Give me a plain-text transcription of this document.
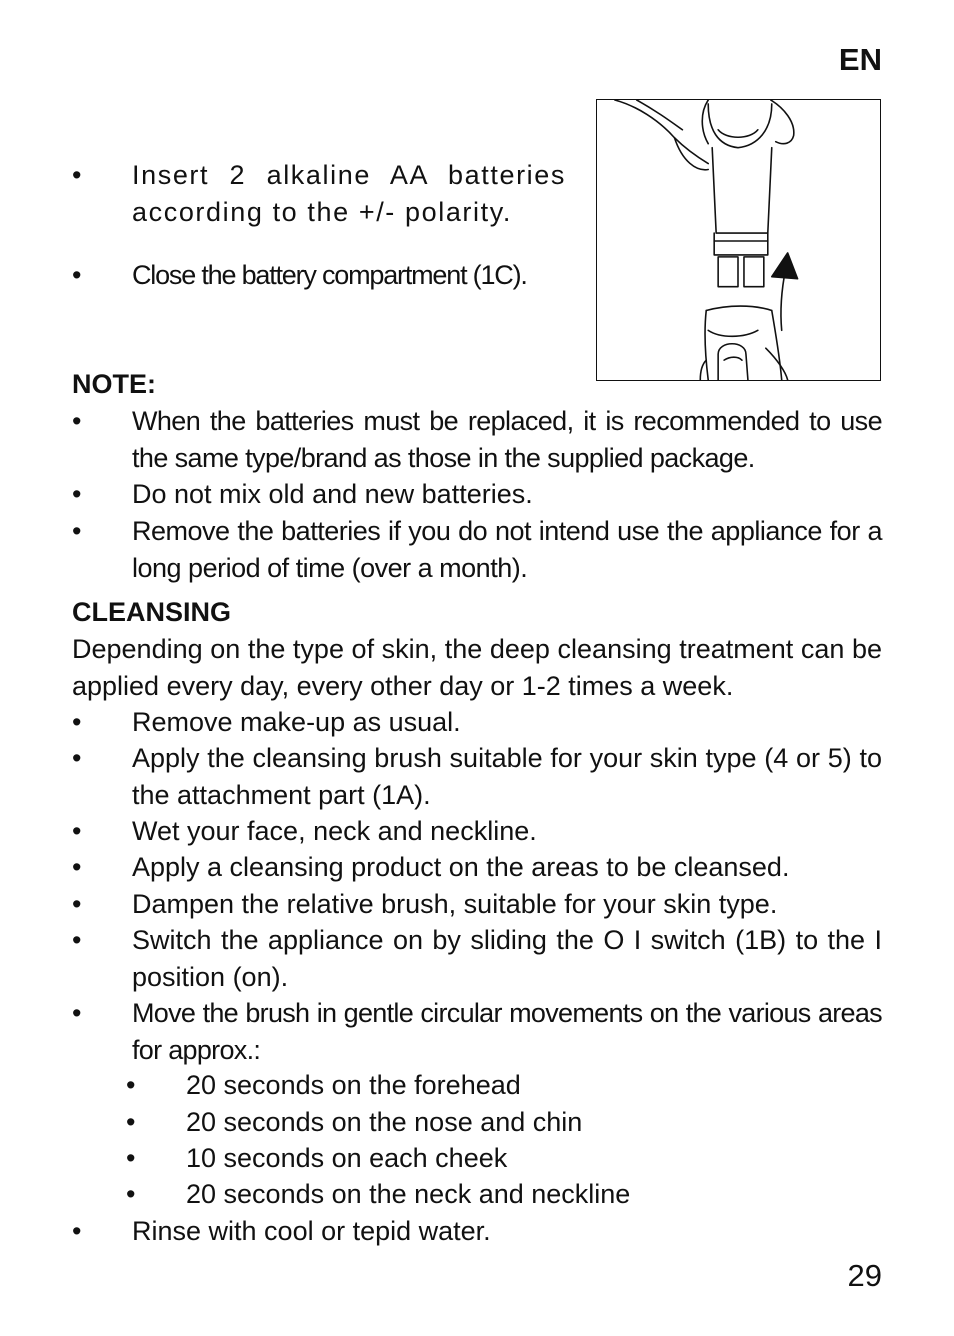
EN
• Insert 2 alkaline AA batteries according to the +/- polarity.
• Close the battery compartment (1C).
NOTE:
• When the batteries must be replaced, it is recommended to use the same type/brand as those in the supplied package.
• Do not mix old and new batteries.
• Remove the batteries if you do not intend use the appliance for a long period of time (over a month).
CLEANSING
Depending on the type of skin, the deep cleansing treatment can be applied every day, every other day or 1-2 times a week.
• Remove make-up as usual.
• Apply the cleansing brush suitable for your skin type (4 or 5) to the attachment part (1A).
• Wet your face, neck and neckline.
• Apply a cleansing product on the areas to be cleansed.
• Dampen the relative brush, suitable for your skin type.
• Switch the appliance on by sliding the O I switch (1B) to the I position (on).
• Move the brush in gentle circular movements on the various areas for approx.:
• 20 seconds on the forehead
• 20 seconds on the nose and chin
• 10 seconds on each cheek
• 20 seconds on the neck and neckline
• Rinse with cool or tepid water.
29
